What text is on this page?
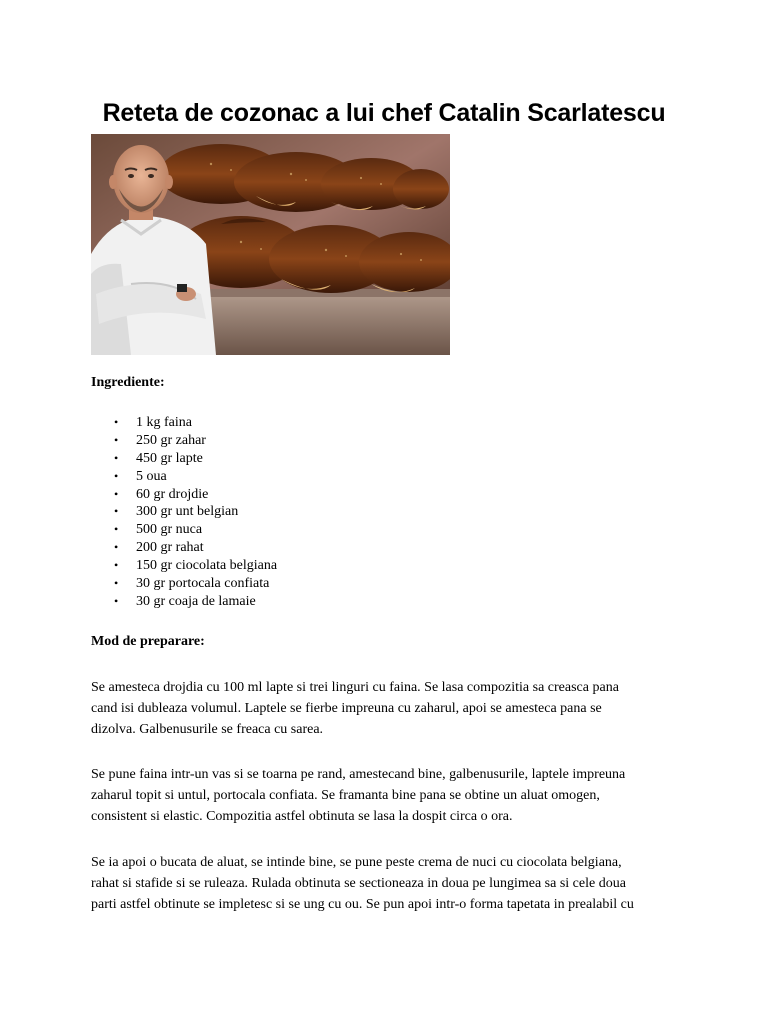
Reteta de cozonac a lui chef Catalin Scarlatescu

Ingrediente:

• 1 kg faina
• 250 gr zahar
• 450 gr lapte
• 5 oua
• 60 gr drojdie
• 300 gr unt belgian
• 500 gr nuca
• 200 gr rahat
• 150 gr ciocolata belgiana
• 30 gr portocala confiata
• 30 gr coaja de lamaie

Mod de preparare:

Se amesteca drojdia cu 100 ml lapte si trei linguri cu faina. Se lasa compozitia sa creasca pana
cand isi dubleaza volumul. Laptele se fierbe impreuna cu zaharul, apoi se amesteca pana se
dizolva. Galbenusurile se freaca cu sarea.

Se pune faina intr-un vas si se toarna pe rand, amestecand bine, galbenusurile, laptele impreuna
zaharul topit si untul, portocala confiata. Se framanta bine pana se obtine un aluat omogen,
consistent si elastic. Compozitia astfel obtinuta se lasa la dospit circa o ora.

Se ia apoi o bucata de aluat, se intinde bine, se pune peste crema de nuci cu ciocolata belgiana,
rahat si stafide si se ruleaza. Rulada obtinuta se sectioneaza in doua pe lungimea sa si cele doua
parti astfel obtinute se impletesc si se ung cu ou. Se pun apoi intr-o forma tapetata in prealabil cu
